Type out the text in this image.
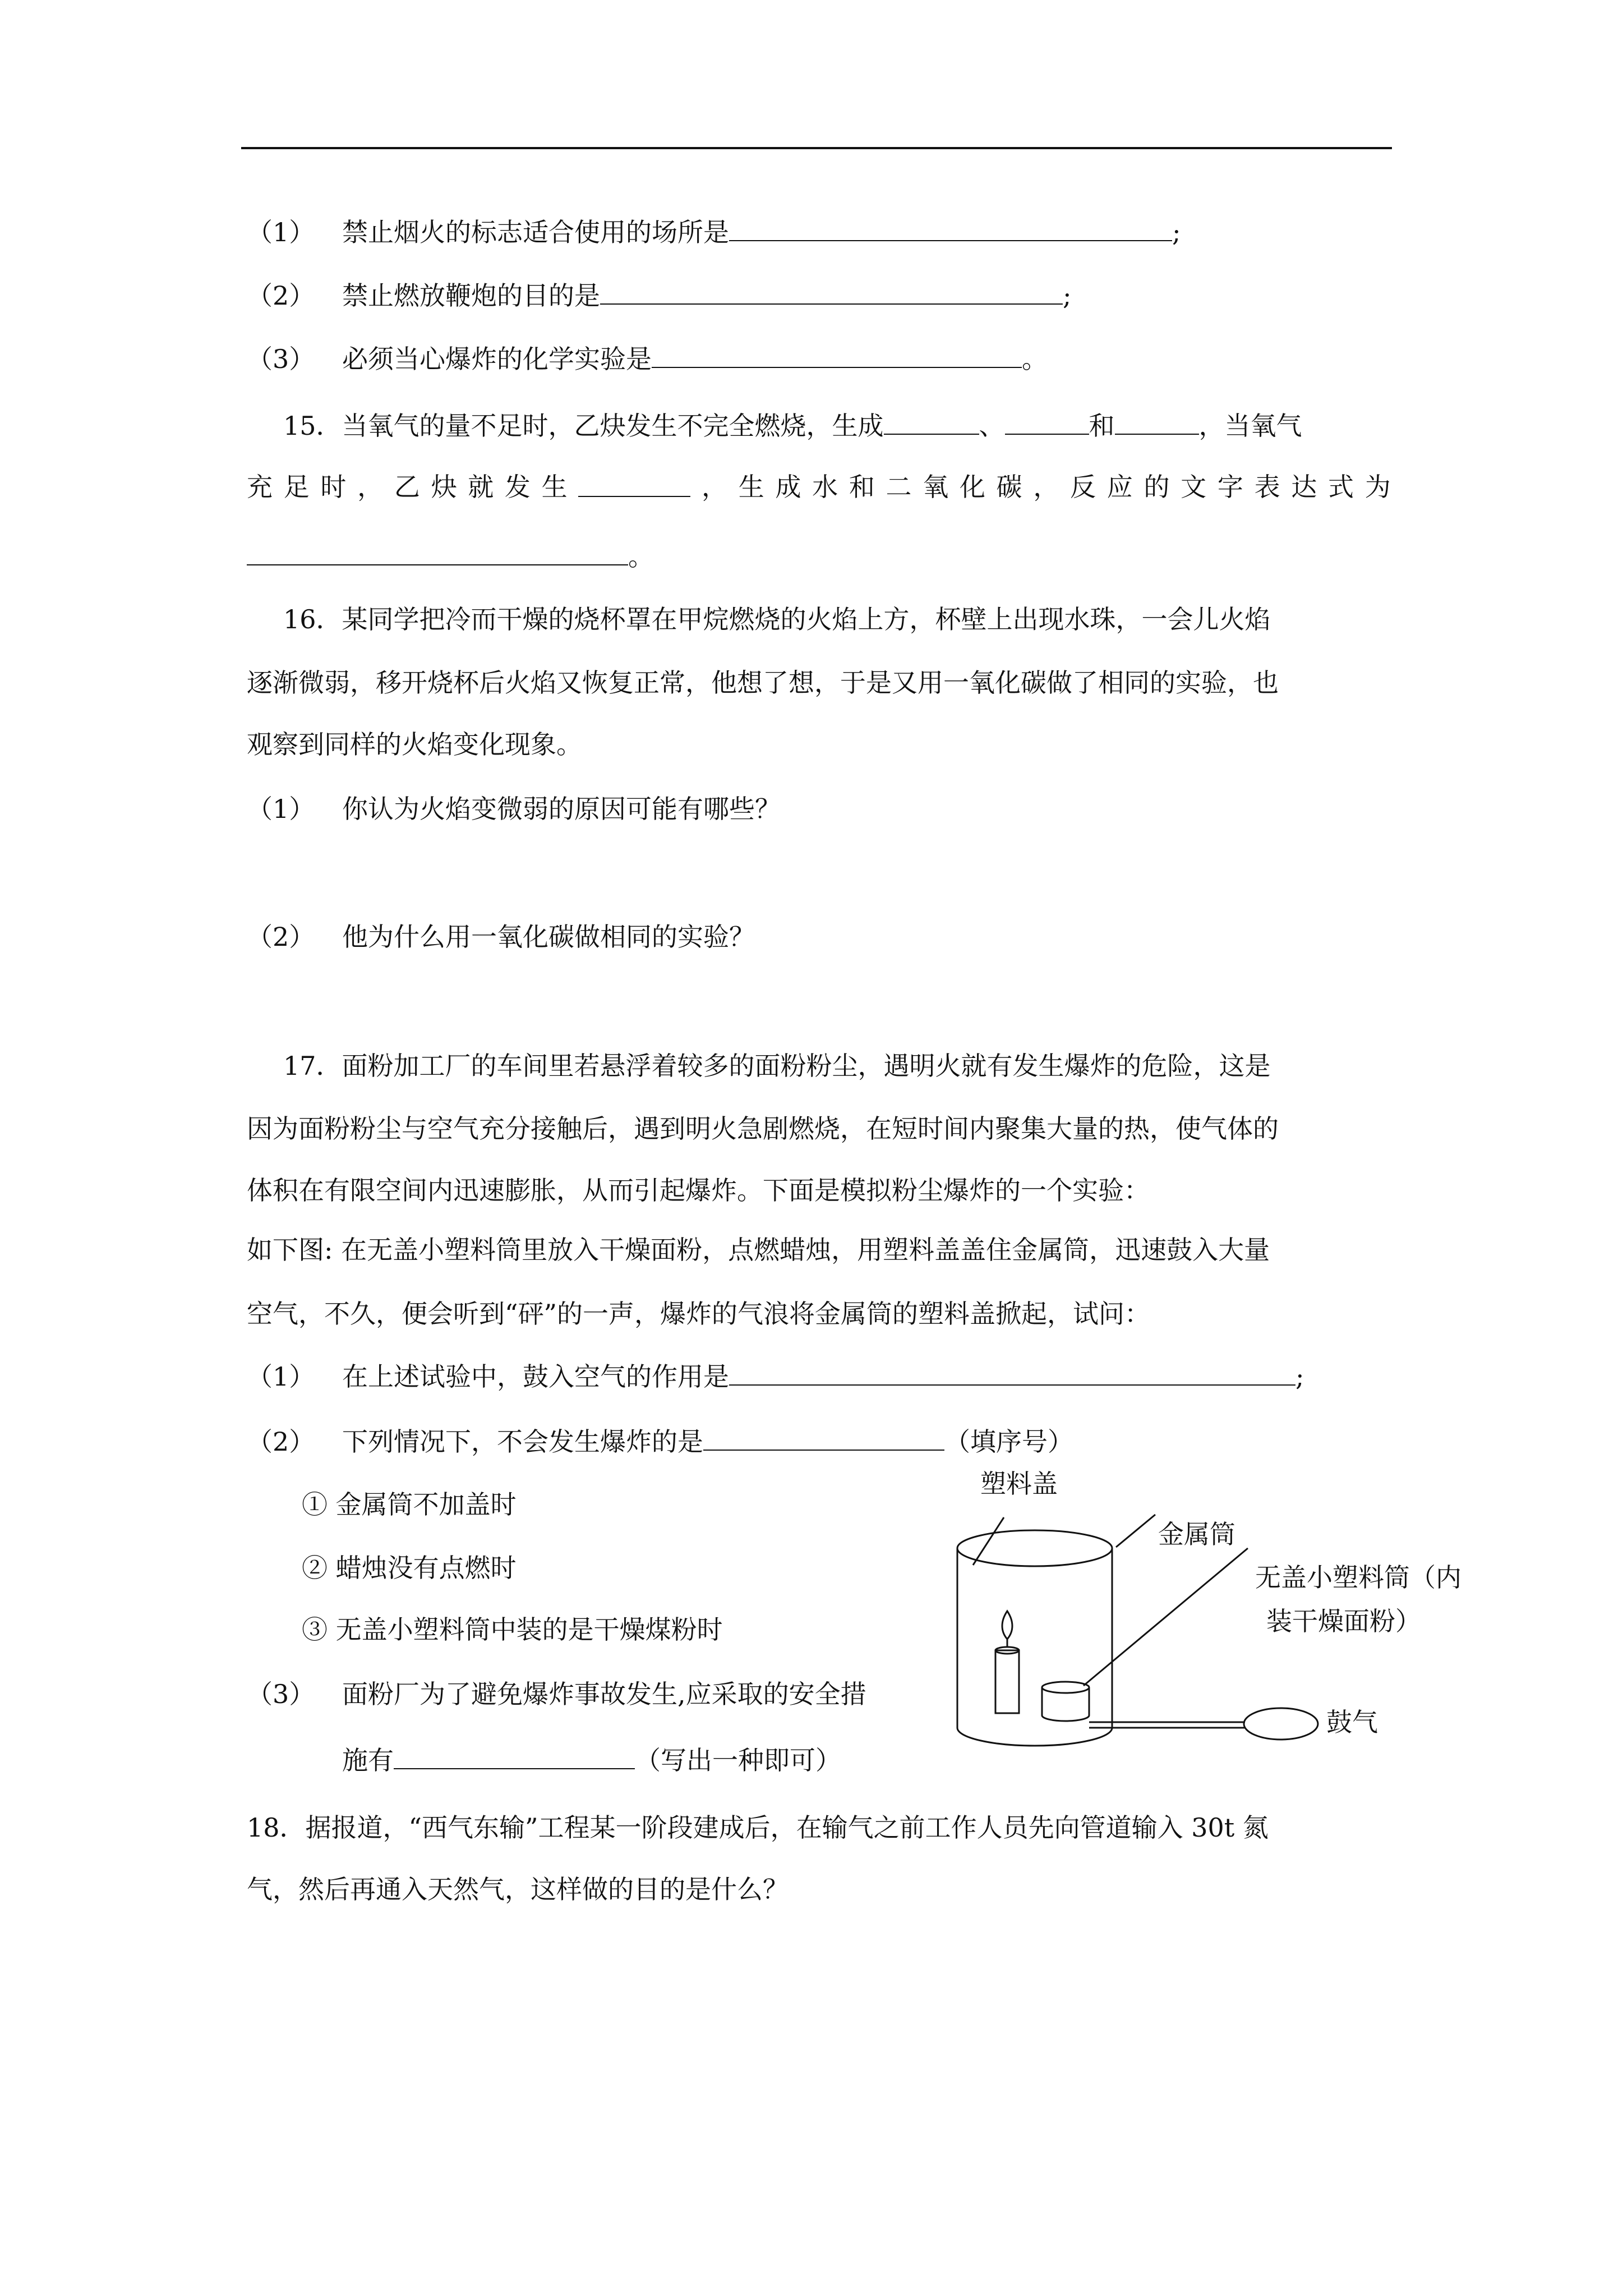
（1） 禁止烟火的标志适合使用的场所是	;
（2） 禁止燃放鞭炮的目的是	;
（3） 必须当心爆炸的化学实验是	。
15．当氧气的量不足时，乙炔发生不完全燃烧，生成	、	和	，当氧气
充 足 时 ， 乙 炔 就 发 生	， 生 成 水 和 二 氧 化 碳 ， 反 应 的 文 字 表 达 式 为
。
16．某同学把冷而干燥的烧杯罩在甲烷燃烧的火焰上方，杯壁上出现水珠，一会儿火焰
逐渐微弱，移开烧杯后火焰又恢复正常，他想了想，于是又用一氧化碳做了相同的实验，也
观察到同样的火焰变化现象。
（1） 你认为火焰变微弱的原因可能有哪些？
（2） 他为什么用一氧化碳做相同的实验？
17．面粉加工厂的车间里若悬浮着较多的面粉粉尘，遇明火就有发生爆炸的危险，这是
因为面粉粉尘与空气充分接触后，遇到明火急剧燃烧，在短时间内聚集大量的热，使气体的
体积在有限空间内迅速膨胀，从而引起爆炸。下面是模拟粉尘爆炸的一个实验：
如下图: 在无盖小塑料筒里放入干燥面粉，点燃蜡烛，用塑料盖盖住金属筒，迅速鼓入大量
空气，不久，便会听到“砰”的一声，爆炸的气浪将金属筒的塑料盖掀起，试问：
（1） 在上述试验中，鼓入空气的作用是	;
（2） 下列情况下，不会发生爆炸的是	（填序号）
① 金属筒不加盖时
② 蜡烛没有点燃时
③ 无盖小塑料筒中装的是干燥煤粉时
（3） 面粉厂为了避免爆炸事故发生,应采取的安全措
施有	（写出一种即可）
塑料盖
金属筒
无盖小塑料筒（内
装干燥面粉）
鼓气
18．据报道，“西气东输”工程某一阶段建成后，在输气之前工作人员先向管道输入 30t 氮
气，然后再通入天然气，这样做的目的是什么？
